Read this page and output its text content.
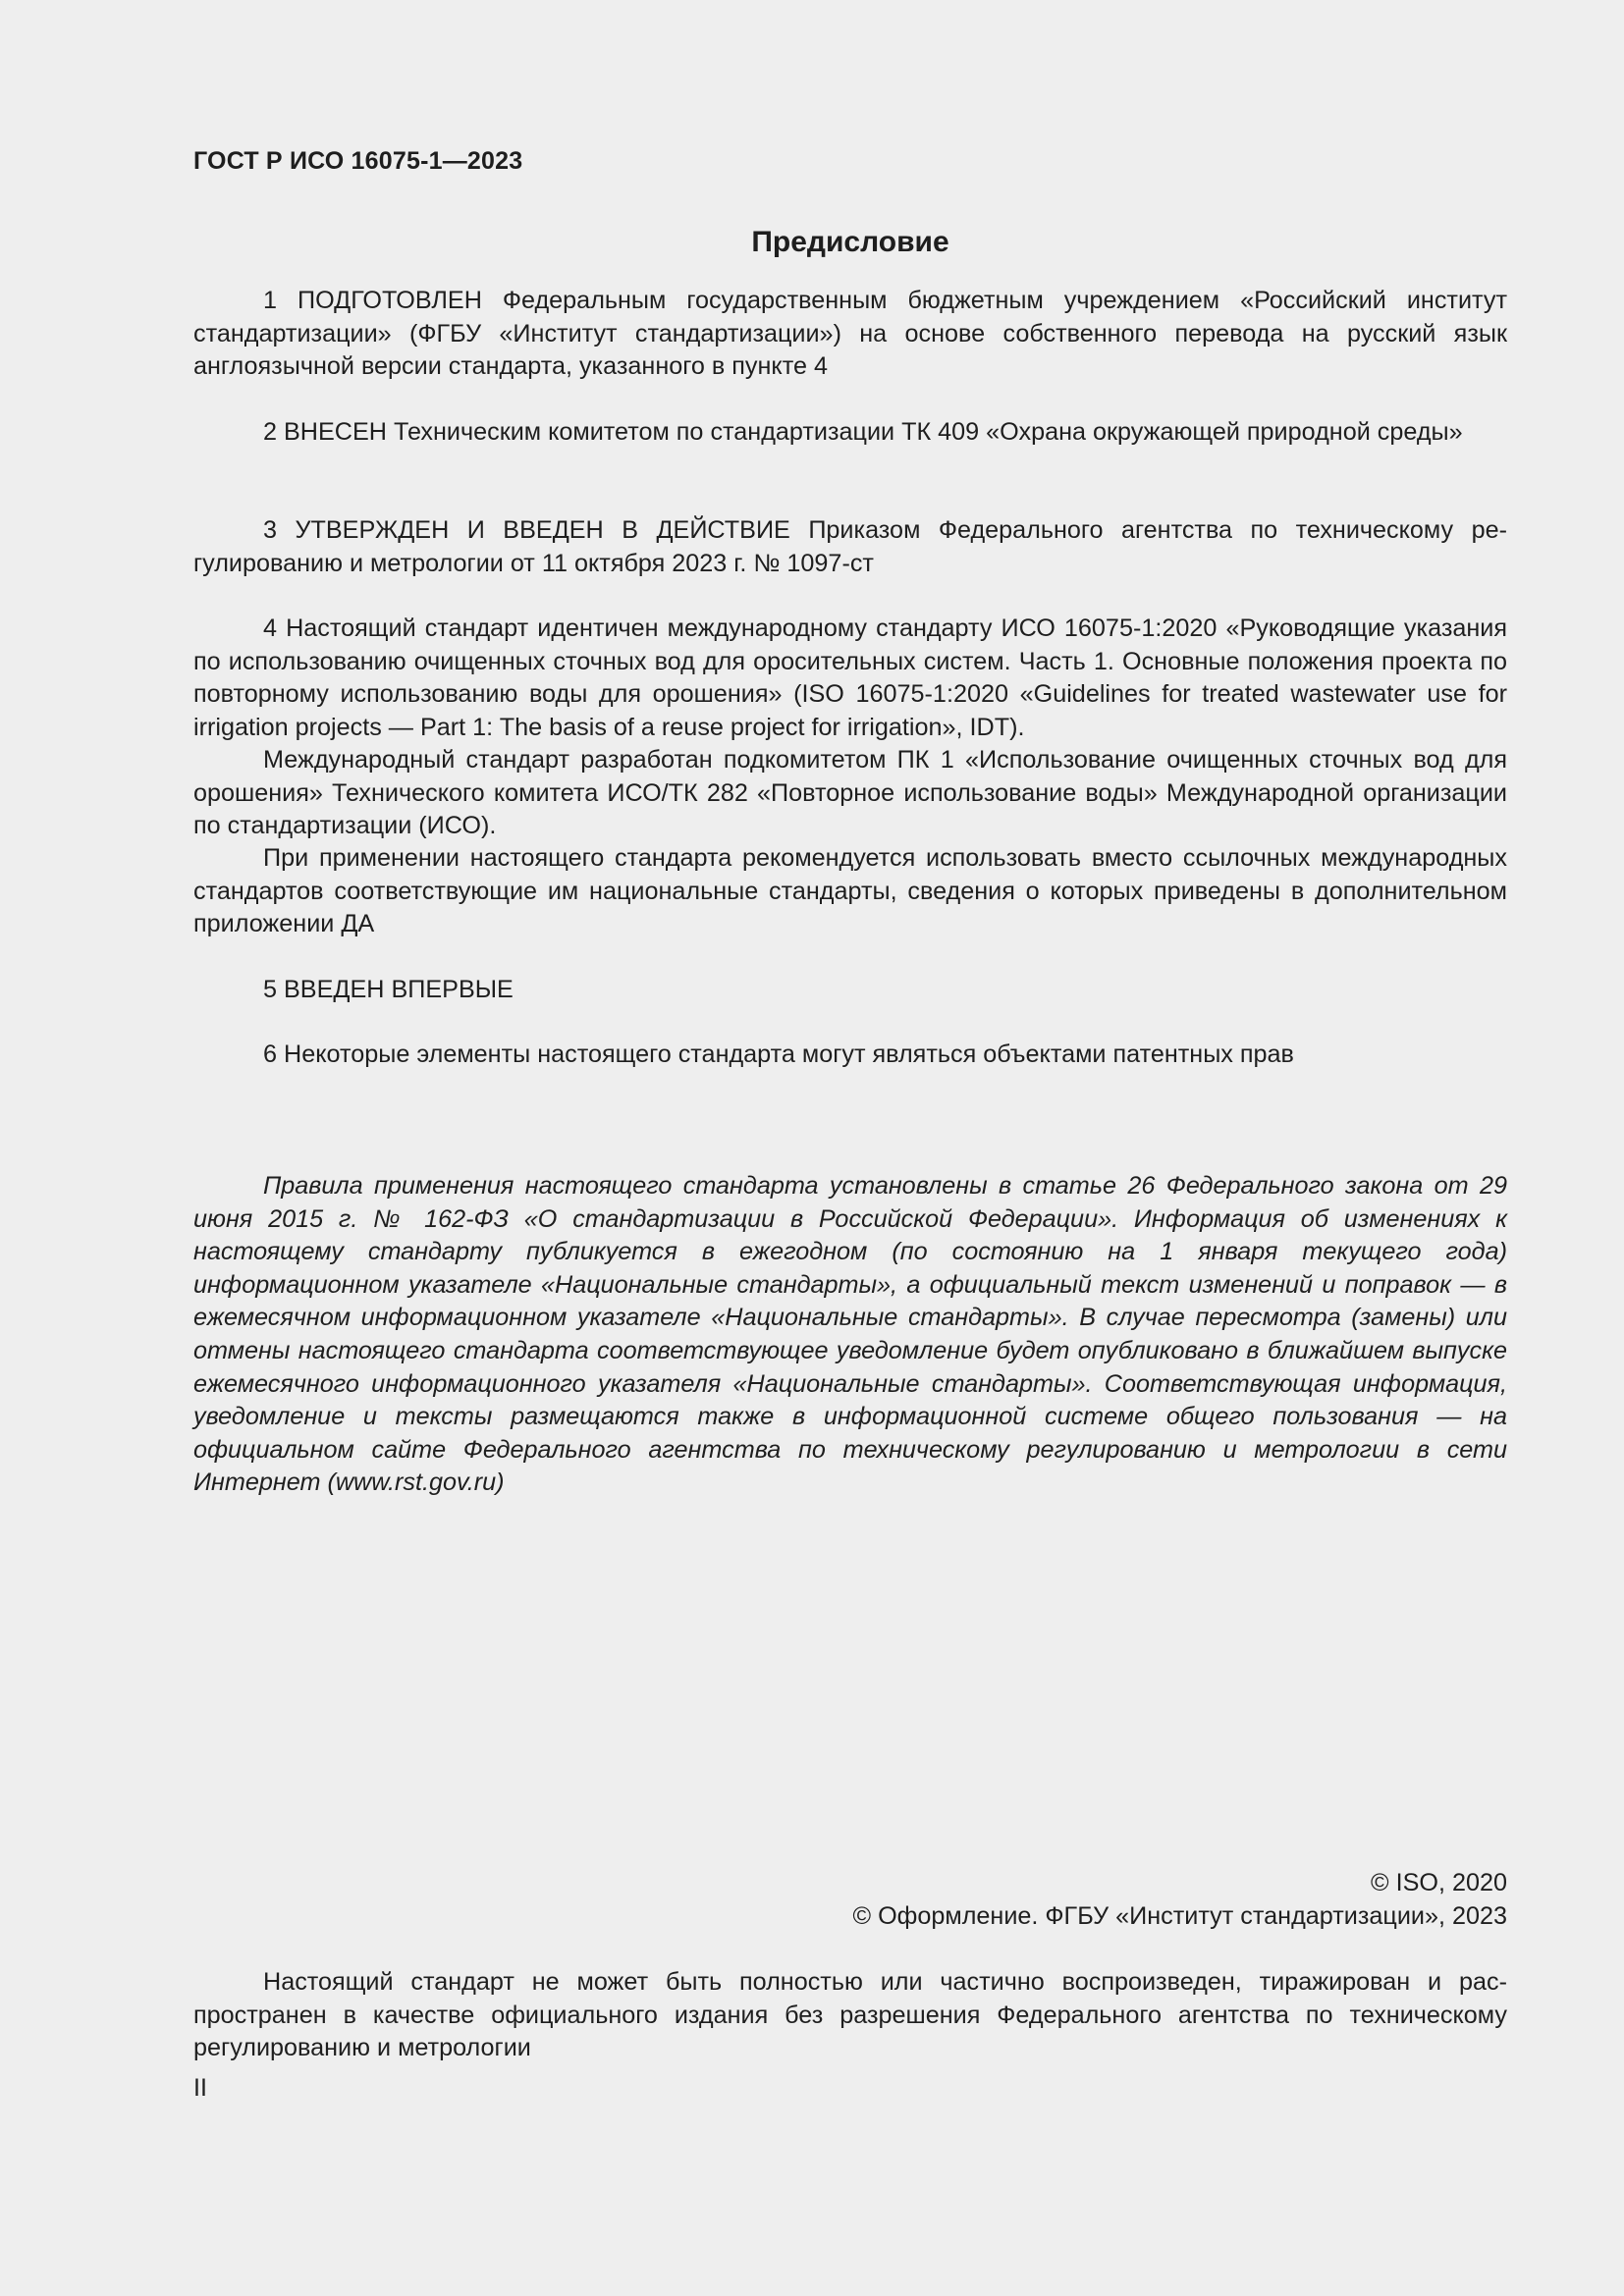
ГОСТ Р ИСО 16075-1—2023
Предисловие

1 ПОДГОТОВЛЕН Федеральным государственным бюджетным учреждением «Российский институт стандартизации» (ФГБУ «Институт стандартизации») на основе собственного перевода на русский язык англоязычной версии стандарта, указанного в пункте 4

2 ВНЕСЕН Техническим комитетом по стандартизации ТК 409 «Охрана окружающей природной среды»

3 УТВЕРЖДЕН И ВВЕДЕН В ДЕЙСТВИЕ Приказом Федерального агентства по техническому регулированию и метрологии от 11 октября 2023 г. № 1097-ст

4 Настоящий стандарт идентичен международному стандарту ИСО 16075-1:2020 «Руководящие указания по использованию очищенных сточных вод для оросительных систем. Часть 1. Основные положения проекта по повторному использованию воды для орошения» (ISO 16075-1:2020 «Guidelines for treated wastewater use for irrigation projects — Part 1: The basis of a reuse project for irrigation», IDT).

Международный стандарт разработан подкомитетом ПК 1 «Использование очищенных сточных вод для орошения» Технического комитета ИСО/ТК 282 «Повторное использование воды» Международной организации по стандартизации (ИСО).

При применении настоящего стандарта рекомендуется использовать вместо ссылочных международных стандартов соответствующие им национальные стандарты, сведения о которых приведены в дополнительном приложении ДА

5 ВВЕДЕН ВПЕРВЫЕ

6 Некоторые элементы настоящего стандарта могут являться объектами патентных прав

Правила применения настоящего стандарта установлены в статье 26 Федерального закона от 29 июня 2015 г. № 162-ФЗ «О стандартизации в Российской Федерации». Информация об изменениях к настоящему стандарту публикуется в ежегодном (по состоянию на 1 января текущего года) информационном указателе «Национальные стандарты», а официальный текст изменений и поправок — в ежемесячном информационном указателе «Национальные стандарты». В случае пересмотра (замены) или отмены настоящего стандарта соответствующее уведомление будет опубликовано в ближайшем выпуске ежемесячного информационного указателя «Национальные стандарты». Соответствующая информация, уведомление и тексты размещаются также в информационной системе общего пользования — на официальном сайте Федерального агентства по техническому регулированию и метрологии в сети Интернет (www.rst.gov.ru)

© ISO, 2020
© Оформление. ФГБУ «Институт стандартизации», 2023

Настоящий стандарт не может быть полностью или частично воспроизведен, тиражирован и распространен в качестве официального издания без разрешения Федерального агентства по техническому регулированию и метрологии

II
